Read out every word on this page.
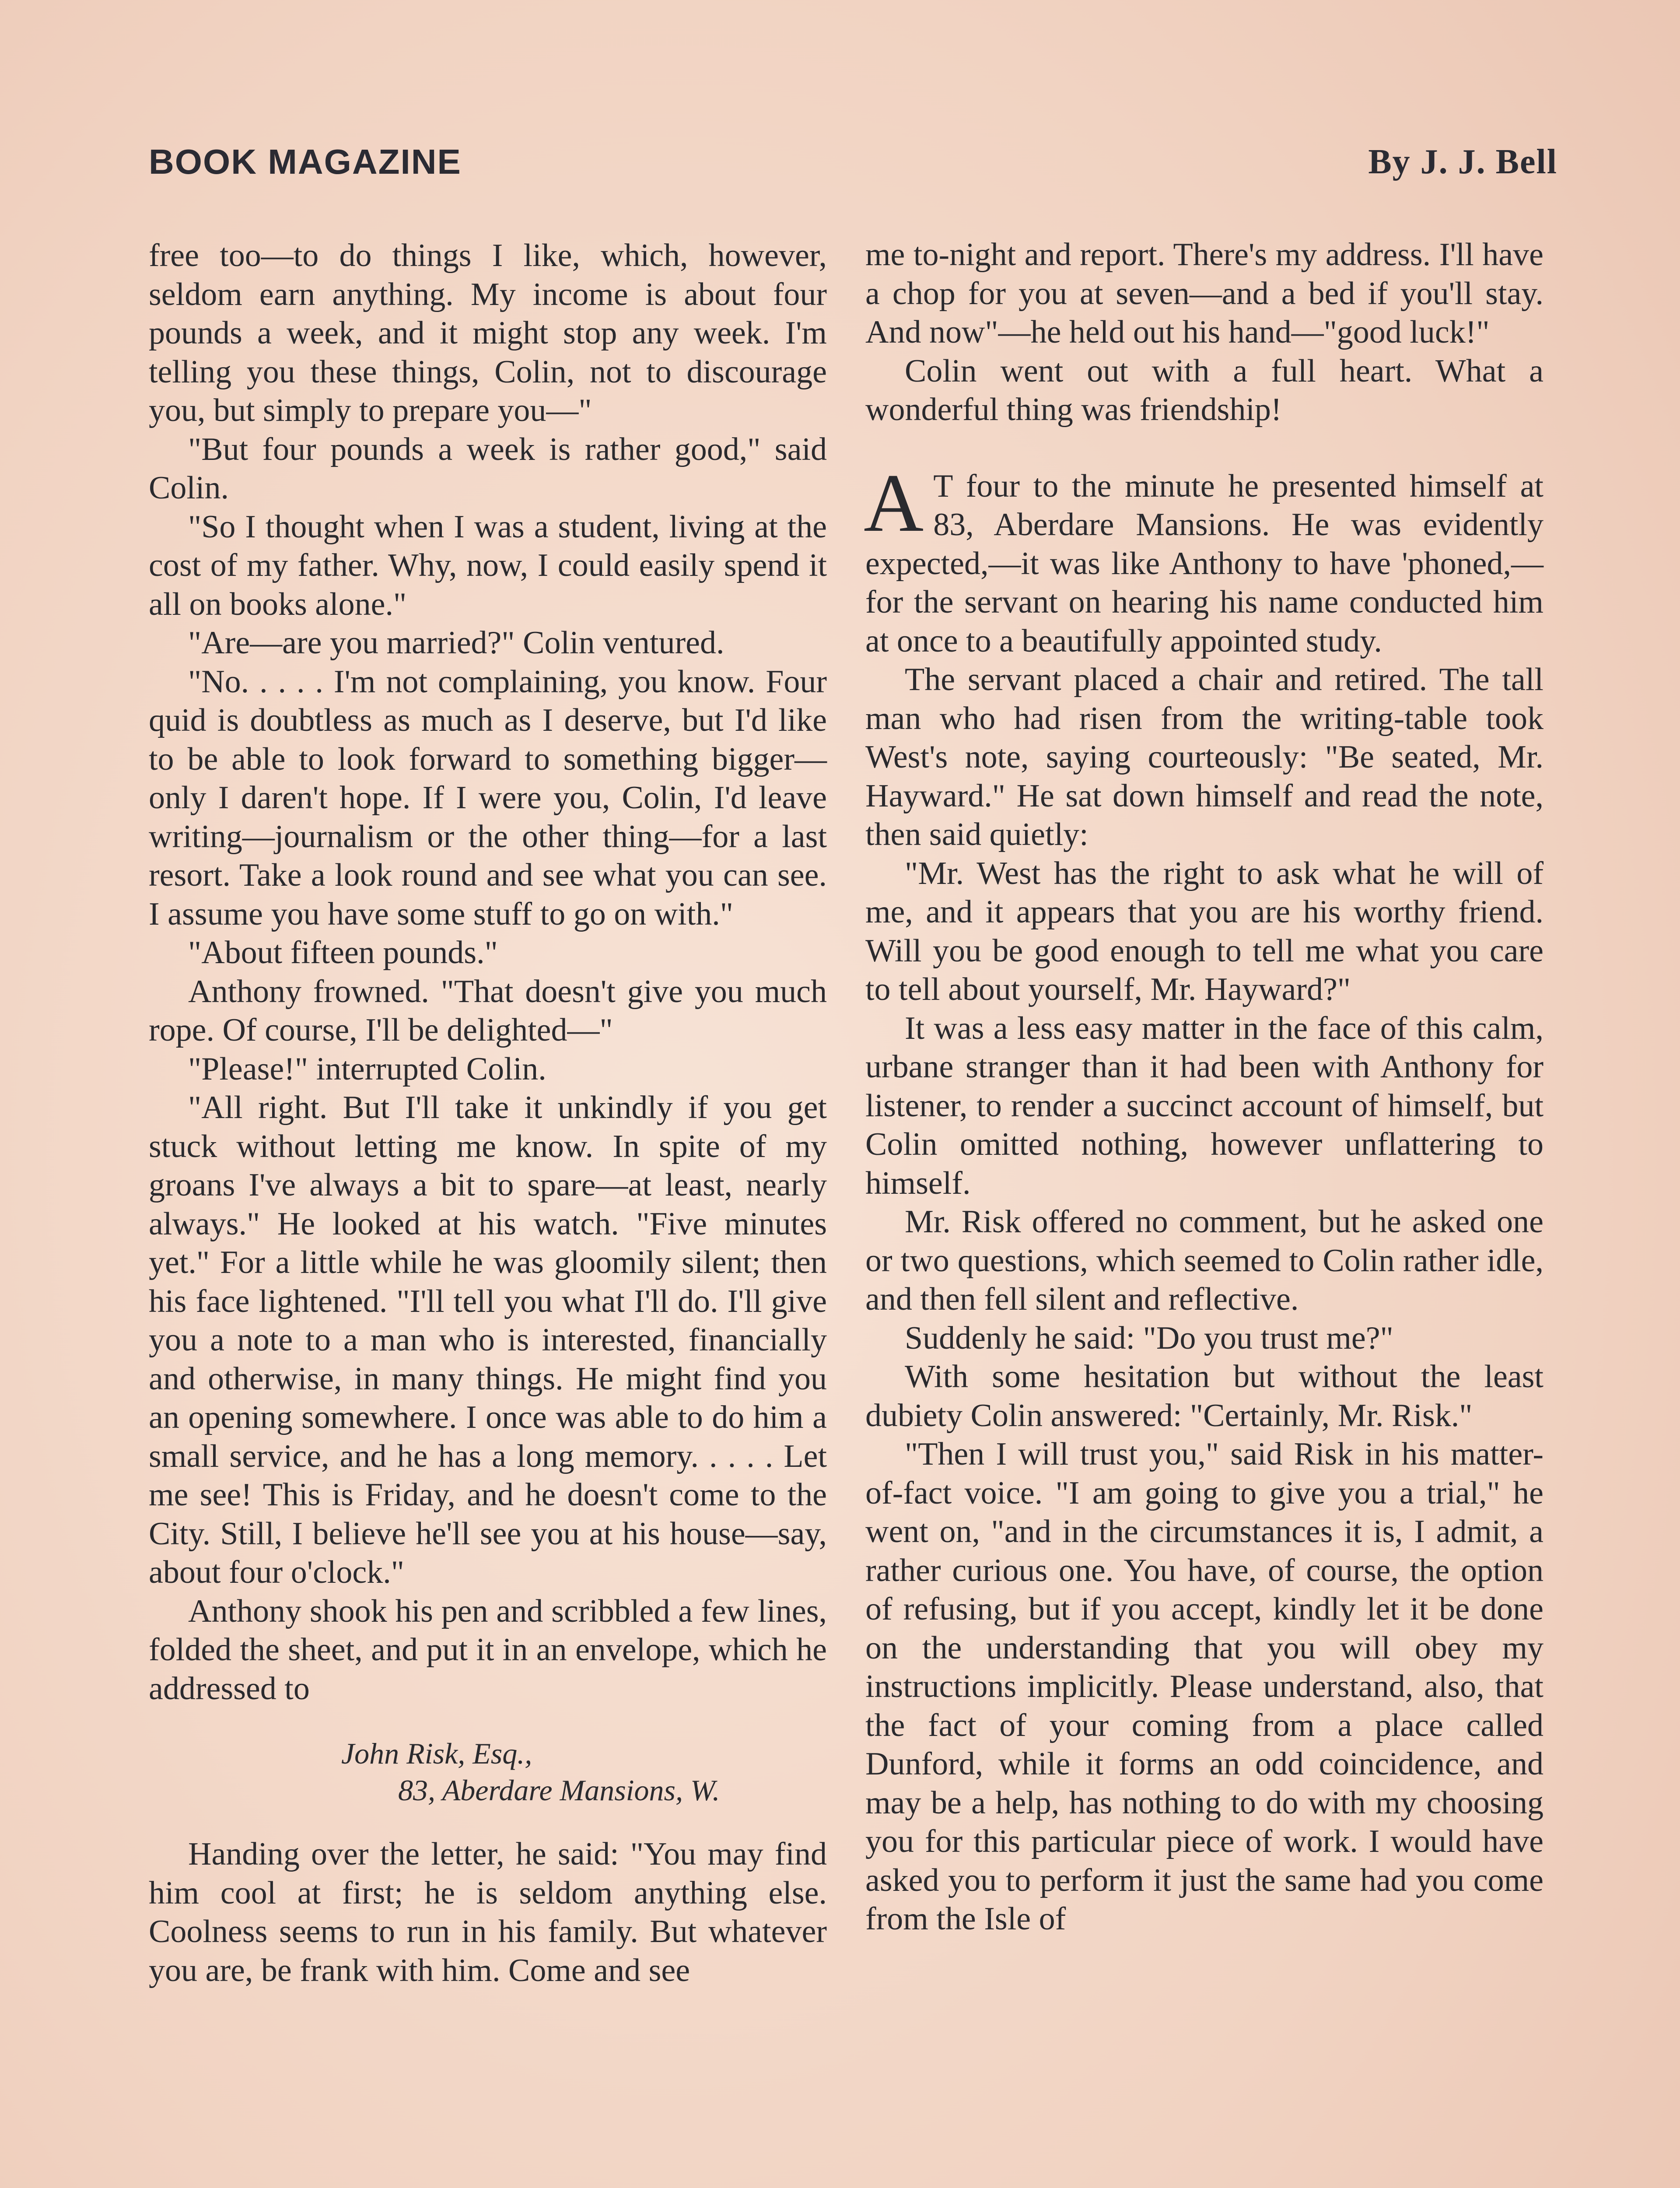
BOOK MAGAZINE	By J. J. Bell

free too—to do things I like, which, however, seldom earn anything. My income is about four pounds a week, and it might stop any week. I'm telling you these things, Colin, not to discourage you, but simply to prepare you—"

"But four pounds a week is rather good," said Colin.

"So I thought when I was a student, living at the cost of my father. Why, now, I could easily spend it all on books alone."

"Are—are you married?" Colin ventured.

"No. . . . . I'm not complaining, you know. Four quid is doubtless as much as I deserve, but I'd like to be able to look forward to something bigger—only I daren't hope. If I were you, Colin, I'd leave writing—journalism or the other thing—for a last resort. Take a look round and see what you can see. I assume you have some stuff to go on with."

"About fifteen pounds."

Anthony frowned. "That doesn't give you much rope. Of course, I'll be delighted—"

"Please!" interrupted Colin.

"All right. But I'll take it unkindly if you get stuck without letting me know. In spite of my groans I've always a bit to spare—at least, nearly always." He looked at his watch. "Five minutes yet." For a little while he was gloomily silent; then his face lightened. "I'll tell you what I'll do. I'll give you a note to a man who is interested, financially and otherwise, in many things. He might find you an opening somewhere. I once was able to do him a small service, and he has a long memory. . . . . Let me see! This is Friday, and he doesn't come to the City. Still, I believe he'll see you at his house—say, about four o'clock."

Anthony shook his pen and scribbled a few lines, folded the sheet, and put it in an envelope, which he addressed to

John Risk, Esq.,
83, Aberdare Mansions, W.

Handing over the letter, he said: "You may find him cool at first; he is seldom anything else. Coolness seems to run in his family. But whatever you are, be frank with him. Come and see

me to-night and report. There's my address. I'll have a chop for you at seven—and a bed if you'll stay. And now"—he held out his hand—"good luck!"

Colin went out with a full heart. What a wonderful thing was friendship!

A T four to the minute he presented himself at 83, Aberdare Mansions. He was evidently expected,—it was like Anthony to have 'phoned,—for the servant on hearing his name conducted him at once to a beautifully appointed study.

The servant placed a chair and retired. The tall man who had risen from the writing-table took West's note, saying courteously: "Be seated, Mr. Hayward." He sat down himself and read the note, then said quietly:

"Mr. West has the right to ask what he will of me, and it appears that you are his worthy friend. Will you be good enough to tell me what you care to tell about yourself, Mr. Hayward?"

It was a less easy matter in the face of this calm, urbane stranger than it had been with Anthony for listener, to render a succinct account of himself, but Colin omitted nothing, however unflattering to himself.

Mr. Risk offered no comment, but he asked one or two questions, which seemed to Colin rather idle, and then fell silent and reflective.

Suddenly he said: "Do you trust me?"

With some hesitation but without the least dubiety Colin answered: "Certainly, Mr. Risk."

"Then I will trust you," said Risk in his matter-of-fact voice. "I am going to give you a trial," he went on, "and in the circumstances it is, I admit, a rather curious one. You have, of course, the option of refusing, but if you accept, kindly let it be done on the understanding that you will obey my instructions implicitly. Please understand, also, that the fact of your coming from a place called Dunford, while it forms an odd coincidence, and may be a help, has nothing to do with my choosing you for this particular piece of work. I would have asked you to perform it just the same had you come from the Isle of
